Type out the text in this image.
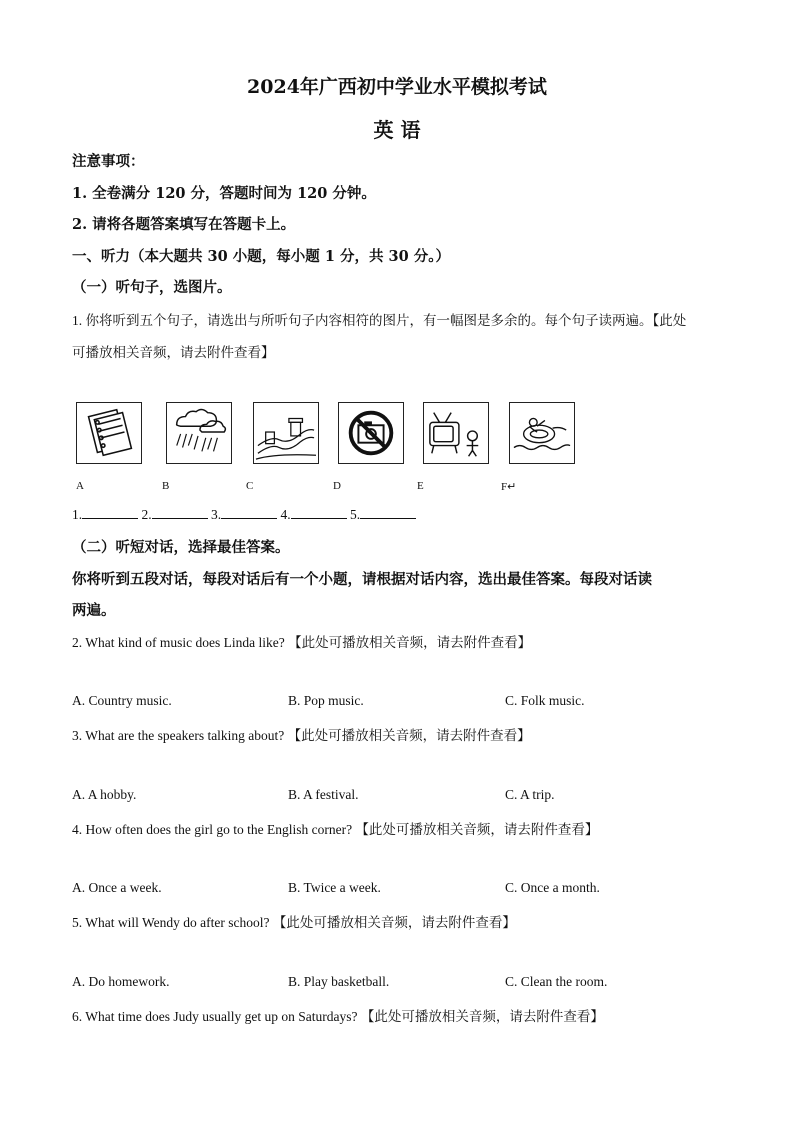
2024年广西初中学业水平模拟考试
英 语
注意事项：
1. 全卷满分 120 分，答题时间为 120 分钟。
2. 请将各题答案填写在答题卡上。
一、听力（本大题共 30 小题，每小题 1 分，共 30 分。）
（一）听句子，选图片。
1. 你将听到五个句子，请选出与所听句子内容相符的图片，有一幅图是多余的。每个句子读两遍。【此处
可播放相关音频，请去附件查看】
A	B	C	D	E	F↵
1.	2.	3.	4.	5.
（二）听短对话，选择最佳答案。
你将听到五段对话，每段对话后有一个小题，请根据对话内容，选出最佳答案。每段对话读
两遍。
2. What kind of music does Linda like? 【此处可播放相关音频，请去附件查看】
A. Country music.	B. Pop music.	C. Folk music.
3. What are the speakers talking about? 【此处可播放相关音频，请去附件查看】
A. A hobby.	B. A festival.	C. A trip.
4. How often does the girl go to the English corner? 【此处可播放相关音频，请去附件查看】
A. Once a week.	B. Twice a week.	C. Once a month.
5. What will Wendy do after school? 【此处可播放相关音频，请去附件查看】
A. Do homework.	B. Play basketball.	C. Clean the room.
6. What time does Judy usually get up on Saturdays? 【此处可播放相关音频，请去附件查看】
